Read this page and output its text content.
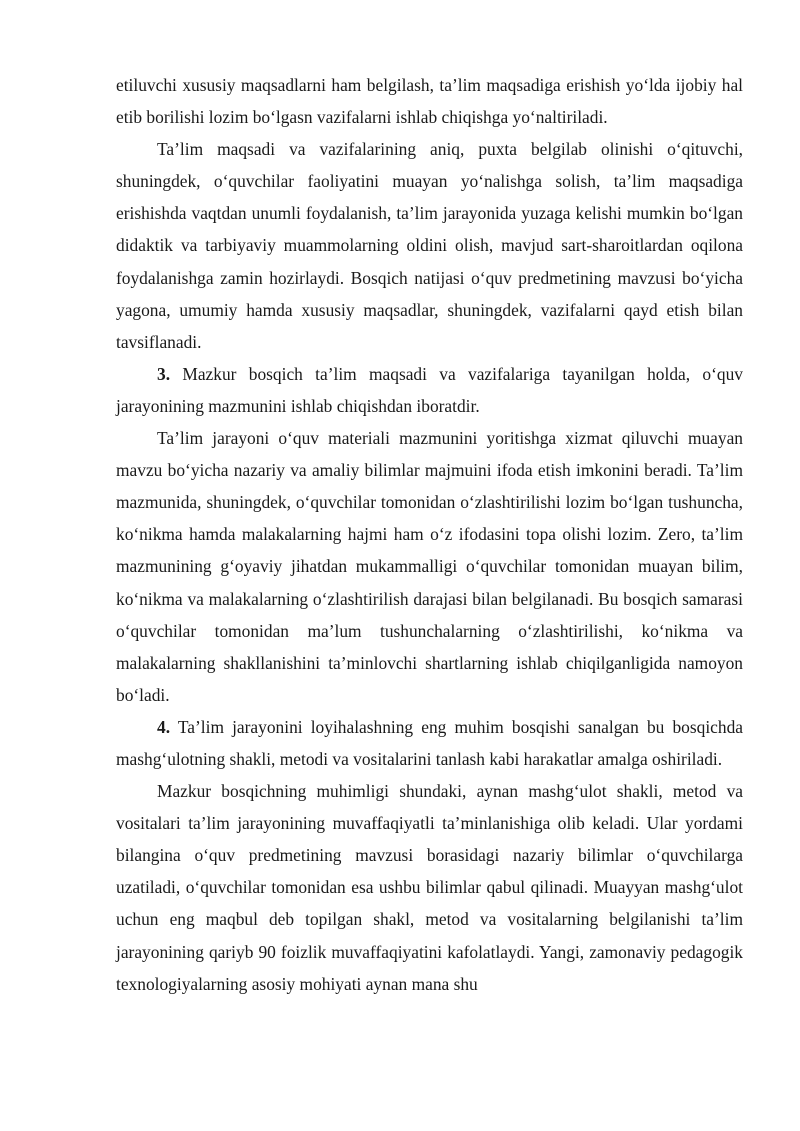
etiluvchi xususiy maqsadlarni ham belgilash, ta’lim maqsadiga erishish yo‘lda ijobiy hal etib borilishi lozim bo‘lgasn vazifalarni ishlab chiqishga yo‘naltiriladi.

Ta’lim maqsadi va vazifalarining aniq, puxta belgilab olinishi o‘qituvchi, shuningdek, o‘quvchilar faoliyatini muayan yo‘nalishga solish, ta’lim maqsadiga erishishda vaqtdan unumli foydalanish, ta’lim jarayonida yuzaga kelishi mumkin bo‘lgan didaktik va tarbiyaviy muammolarning oldini olish, mavjud sart-sharoitlardan oqilona foydalanishga zamin hozirlaydi. Bosqich natijasi o‘quv predmetining mavzusi bo‘yicha yagona, umumiy hamda xususiy maqsadlar, shuningdek, vazifalarni qayd etish bilan tavsiflanadi.

3. Mazkur bosqich ta’lim maqsadi va vazifalariga tayanilgan holda, o‘quv jarayonining mazmunini ishlab chiqishdan iboratdir.

Ta’lim jarayoni o‘quv materiali mazmunini yoritishga xizmat qiluvchi muayan mavzu bo‘yicha nazariy va amaliy bilimlar majmuini ifoda etish imkonini beradi. Ta’lim mazmunida, shuningdek, o‘quvchilar tomonidan o‘zlashtirilishi lozim bo‘lgan tushuncha, ko‘nikma hamda malakalarning hajmi ham o‘z ifodasini topa olishi lozim. Zero, ta’lim mazmunining g‘oyaviy jihatdan mukammalligi o‘quvchilar tomonidan muayan bilim, ko‘nikma va malakalarning o‘zlashtirilish darajasi bilan belgilanadi. Bu bosqich samarasi o‘quvchilar tomonidan ma’lum tushunchalarning o‘zlashtirilishi, ko‘nikma va malakalarning shakllanishini ta’minlovchi shartlarning ishlab chiqilganligida namoyon bo‘ladi.

4. Ta’lim jarayonini loyihalashning eng muhim bosqishi sanalgan bu bosqichda mashg‘ulotning shakli, metodi va vositalarini tanlash kabi harakatlar amalga oshiriladi.

Mazkur bosqichning muhimligi shundaki, aynan mashg‘ulot shakli, metod va vositalari ta’lim jarayonining muvaffaqiyatli ta’minlanishiga olib keladi. Ular yordami bilangina o‘quv predmetining mavzusi borasidagi nazariy bilimlar o‘quvchilarga uzatiladi, o‘quvchilar tomonidan esa ushbu bilimlar qabul qilinadi. Muayyan mashg‘ulot uchun eng maqbul deb topilgan shakl, metod va vositalarning belgilanishi ta’lim jarayonining qariyb 90 foizlik muvaffaqiyatini kafolatlaydi. Yangi, zamonaviy pedagogik texnologiyalarning asosiy mohiyati aynan mana shu
